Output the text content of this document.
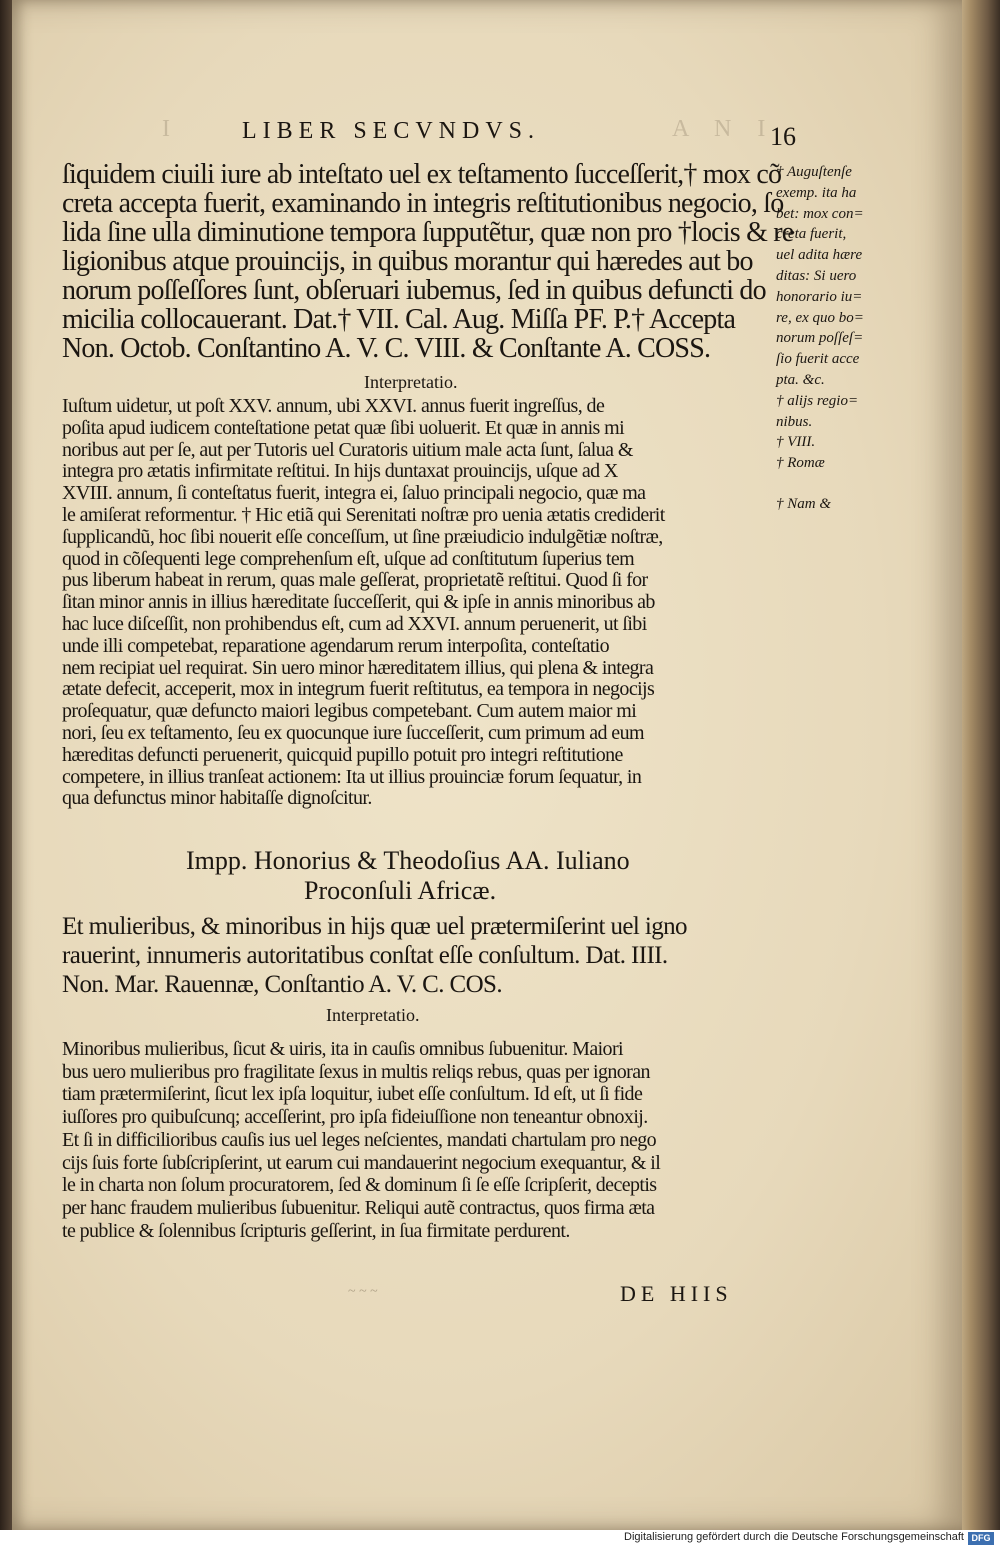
I	A N I
LIBER SECVNDVS.	16
ſiquidem ciuili iure ab inteſtato uel ex teſtamento ſucceſſerit,† mox cõ
creta accepta fuerit, examinando in integris reſtitutionibus negocio, ſo
lida ſine ulla diminutione tempora ſupputẽtur, quæ non pro †locis & re
ligionibus atque prouincijs, in quibus morantur qui hæredes aut bo
norum poſſeſſores ſunt, obſeruari iubemus, ſed in quibus defuncti do
micilia collocauerant. Dat.† VII. Cal. Aug. Miſſa PF. P.† Accepta
Non. Octob. Conſtantino A. V. C. VIII. & Conſtante A. COSS.
Interpretatio.
Iuſtum uidetur, ut poſt XXV. annum, ubi XXVI. annus fuerit ingreſſus, de
poſita apud iudicem conteſtatione petat quæ ſibi uoluerit. Et quæ in annis mi
noribus aut per ſe, aut per Tutoris uel Curatoris uitium male acta ſunt, ſalua &
integra pro ætatis infirmitate reſtitui. In hijs duntaxat prouincijs, uſque ad X
XVIII. annum, ſi conteſtatus fuerit, integra ei, ſaluo principali negocio, quæ ma
le amiſerat reformentur. † Hic etiã qui Serenitati noſtræ pro uenia ætatis crediderit
ſupplicandũ, hoc ſibi nouerit eſſe conceſſum, ut ſine præiudicio indulgẽtiæ noſtræ,
quod in cõſequenti lege comprehenſum eſt, uſque ad conſtitutum ſuperius tem
pus liberum habeat in rerum, quas male geſſerat, proprietatẽ reſtitui. Quod ſi for
ſitan minor annis in illius hæreditate ſucceſſerit, qui & ipſe in annis minoribus ab
hac luce diſceſſit, non prohibendus eſt, cum ad XXVI. annum peruenerit, ut ſibi
unde illi competebat, reparatione agendarum rerum interpoſita, conteſtatio
nem recipiat uel requirat. Sin uero minor hæreditatem illius, qui plena & integra
ætate defecit, acceperit, mox in integrum fuerit reſtitutus, ea tempora in negocijs
proſequatur, quæ defuncto maiori legibus competebant. Cum autem maior mi
nori, ſeu ex teſtamento, ſeu ex quocunque iure ſucceſſerit, cum primum ad eum
hæreditas defuncti peruenerit, quicquid pupillo potuit pro integri reſtitutione
competere, in illius tranſeat actionem: Ita ut illius prouinciæ forum ſequatur, in
qua defunctus minor habitaſſe dignoſcitur.
Impp. Honorius & Theodoſius AA. Iuliano
Proconſuli Africæ.
Et mulieribus, & minoribus in hijs quæ uel prætermiſerint uel igno
rauerint, innumeris autoritatibus conſtat eſſe conſultum. Dat. IIII.
Non. Mar. Rauennæ, Conſtantio A. V. C. COS.
Interpretatio.
Minoribus mulieribus, ſicut & uiris, ita in cauſis omnibus ſubuenitur. Maiori
bus uero mulieribus pro fragilitate ſexus in multis reliqs rebus, quas per ignoran
tiam prætermiſerint, ſicut lex ipſa loquitur, iubet eſſe conſultum. Id eſt, ut ſi fide
iuſſores pro quibuſcunq; acceſſerint, pro ipſa fideiuſſione non teneantur obnoxij.
Et ſi in difficilioribus cauſis ius uel leges neſcientes, mandati chartulam pro nego
cijs ſuis forte ſubſcripſerint, ut earum cui mandauerint negocium exequantur, & il
le in charta non ſolum procuratorem, ſed & dominum ſi ſe eſſe ſcripſerit, deceptis
per hanc fraudem mulieribus ſubuenitur. Reliqui autẽ contractus, quos firma æta
te publice & ſolennibus ſcripturis geſſerint, in ſua firmitate perdurent.
~ ~ ~	DE HIIS
† Auguſtenſe
exemp. ita ha
bet: mox con=
creta fuerit,
uel adita hære
ditas: Si uero
honorario iu=
re, ex quo bo=
norum poſſeſ=
ſio fuerit acce
pta. &c.
† alijs regio=
nibus.
† VIII.
† Romæ
† Nam &
Digitalisierung gefördert durch die Deutsche Forschungsgemeinschaft DFG
